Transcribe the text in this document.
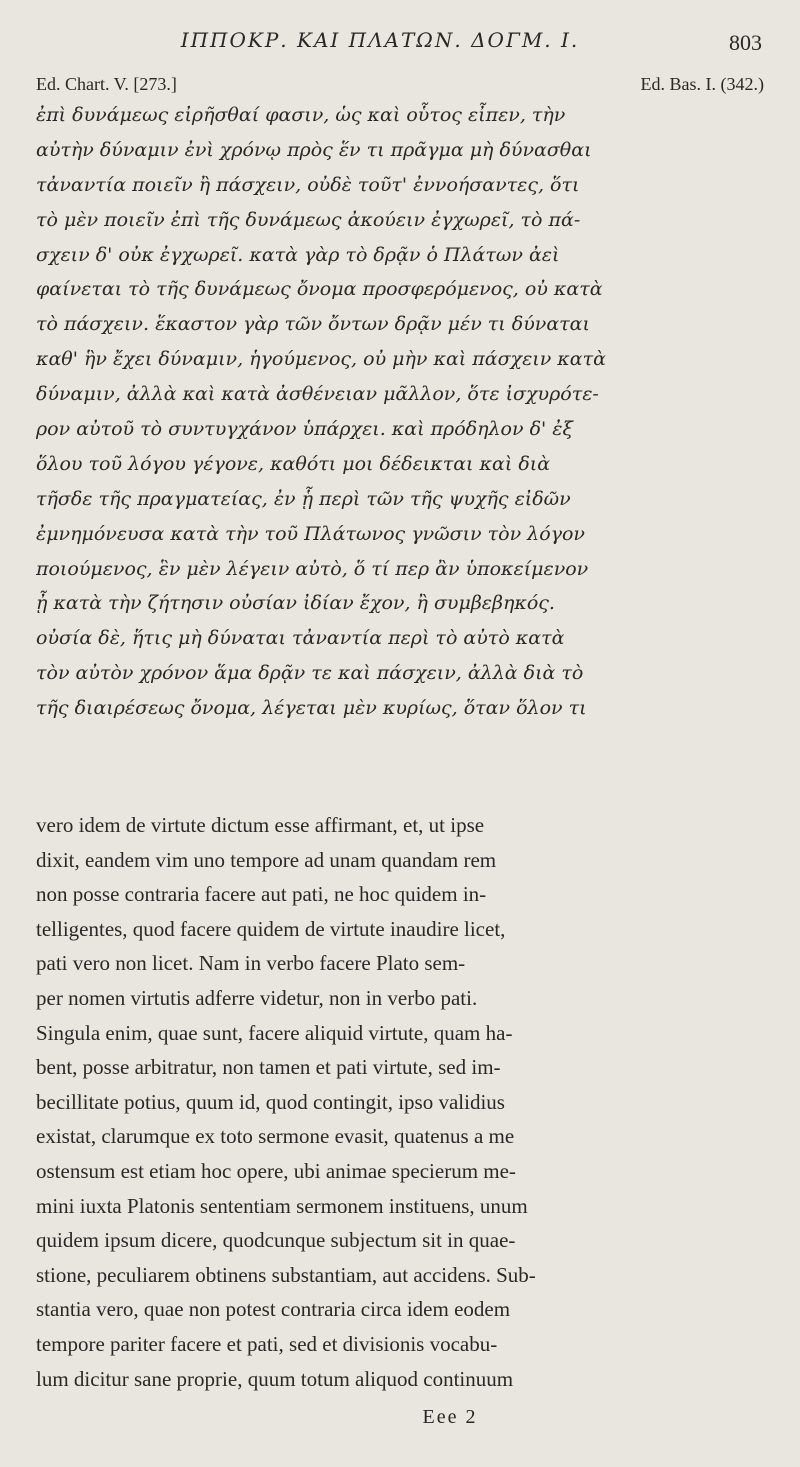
ΙΠΠΟΚΡ. ΚΑΙ ΠΛΑΤΩΝ. ΔΟΓΜ. Ι.	803
Ed. Chart. V. [273.]	Ed. Bas. I. (342.)
ἐπὶ δυνάμεως εἰρῆσθαί φασιν, ὡς καὶ οὗτος εἶπεν, τὴν
αὐτὴν δύναμιν ἐνὶ χρόνῳ πρὸς ἕν τι πρᾶγμα μὴ δύνασθαι
τἀναντία ποιεῖν ἢ πάσχειν, οὐδὲ τοῦτ' ἐννοήσαντες, ὅτι
τὸ μὲν ποιεῖν ἐπὶ τῆς δυνάμεως ἀκούειν ἐγχωρεῖ, τὸ πά-
σχειν δ' οὐκ ἐγχωρεῖ. κατὰ γὰρ τὸ δρᾷν ὁ Πλάτων ἀεὶ
φαίνεται τὸ τῆς δυνάμεως ὄνομα προσφερόμενος, οὐ κατὰ
τὸ πάσχειν. ἕκαστον γὰρ τῶν ὄντων δρᾷν μέν τι δύναται
καθ' ἣν ἔχει δύναμιν, ἡγούμενος, οὐ μὴν καὶ πάσχειν κατὰ
δύναμιν, ἀλλὰ καὶ κατὰ ἀσθένειαν μᾶλλον, ὅτε ἰσχυρότε-
ρον αὐτοῦ τὸ συντυγχάνον ὑπάρχει. καὶ πρόδηλον δ' ἐξ
ὅλου τοῦ λόγου γέγονε, καθότι μοι δέδεικται καὶ διὰ
τῆσδε τῆς πραγματείας, ἐν ᾗ περὶ τῶν τῆς ψυχῆς εἰδῶν
ἐμνημόνευσα κατὰ τὴν τοῦ Πλάτωνος γνῶσιν τὸν λόγον
ποιούμενος, ἓν μὲν λέγειν αὐτὸ, ὅ τί περ ἂν ὑποκείμενον
ᾖ κατὰ τὴν ζήτησιν οὐσίαν ἰδίαν ἔχον, ἢ συμβεβηκός.
οὐσία δὲ, ἥτις μὴ δύναται τἀναντία περὶ τὸ αὐτὸ κατὰ
τὸν αὐτὸν χρόνον ἅμα δρᾷν τε καὶ πάσχειν, ἀλλὰ διὰ τὸ
τῆς διαιρέσεως ὄνομα, λέγεται μὲν κυρίως, ὅταν ὅλον τι
vero idem de virtute dictum esse affirmant, et, ut ipse
dixit, eandem vim uno tempore ad unam quandam rem
non posse contraria facere aut pati, ne hoc quidem in-
telligentes, quod facere quidem de virtute inaudire licet,
pati vero non licet. Nam in verbo facere Plato sem-
per nomen virtutis adferre videtur, non in verbo pati.
Singula enim, quae sunt, facere aliquid virtute, quam ha-
bent, posse arbitratur, non tamen et pati virtute, sed im-
becillitate potius, quum id, quod contingit, ipso validius
existat, clarumque ex toto sermone evasit, quatenus a me
ostensum est etiam hoc opere, ubi animae specierum me-
mini iuxta Platonis sententiam sermonem instituens, unum
quidem ipsum dicere, quodcunque subjectum sit in quae-
stione, peculiarem obtinens substantiam, aut accidens. Sub-
stantia vero, quae non potest contraria circa idem eodem
tempore pariter facere et pati, sed et divisionis vocabu-
lum dicitur sane proprie, quum totum aliquod continuum
Eee 2
